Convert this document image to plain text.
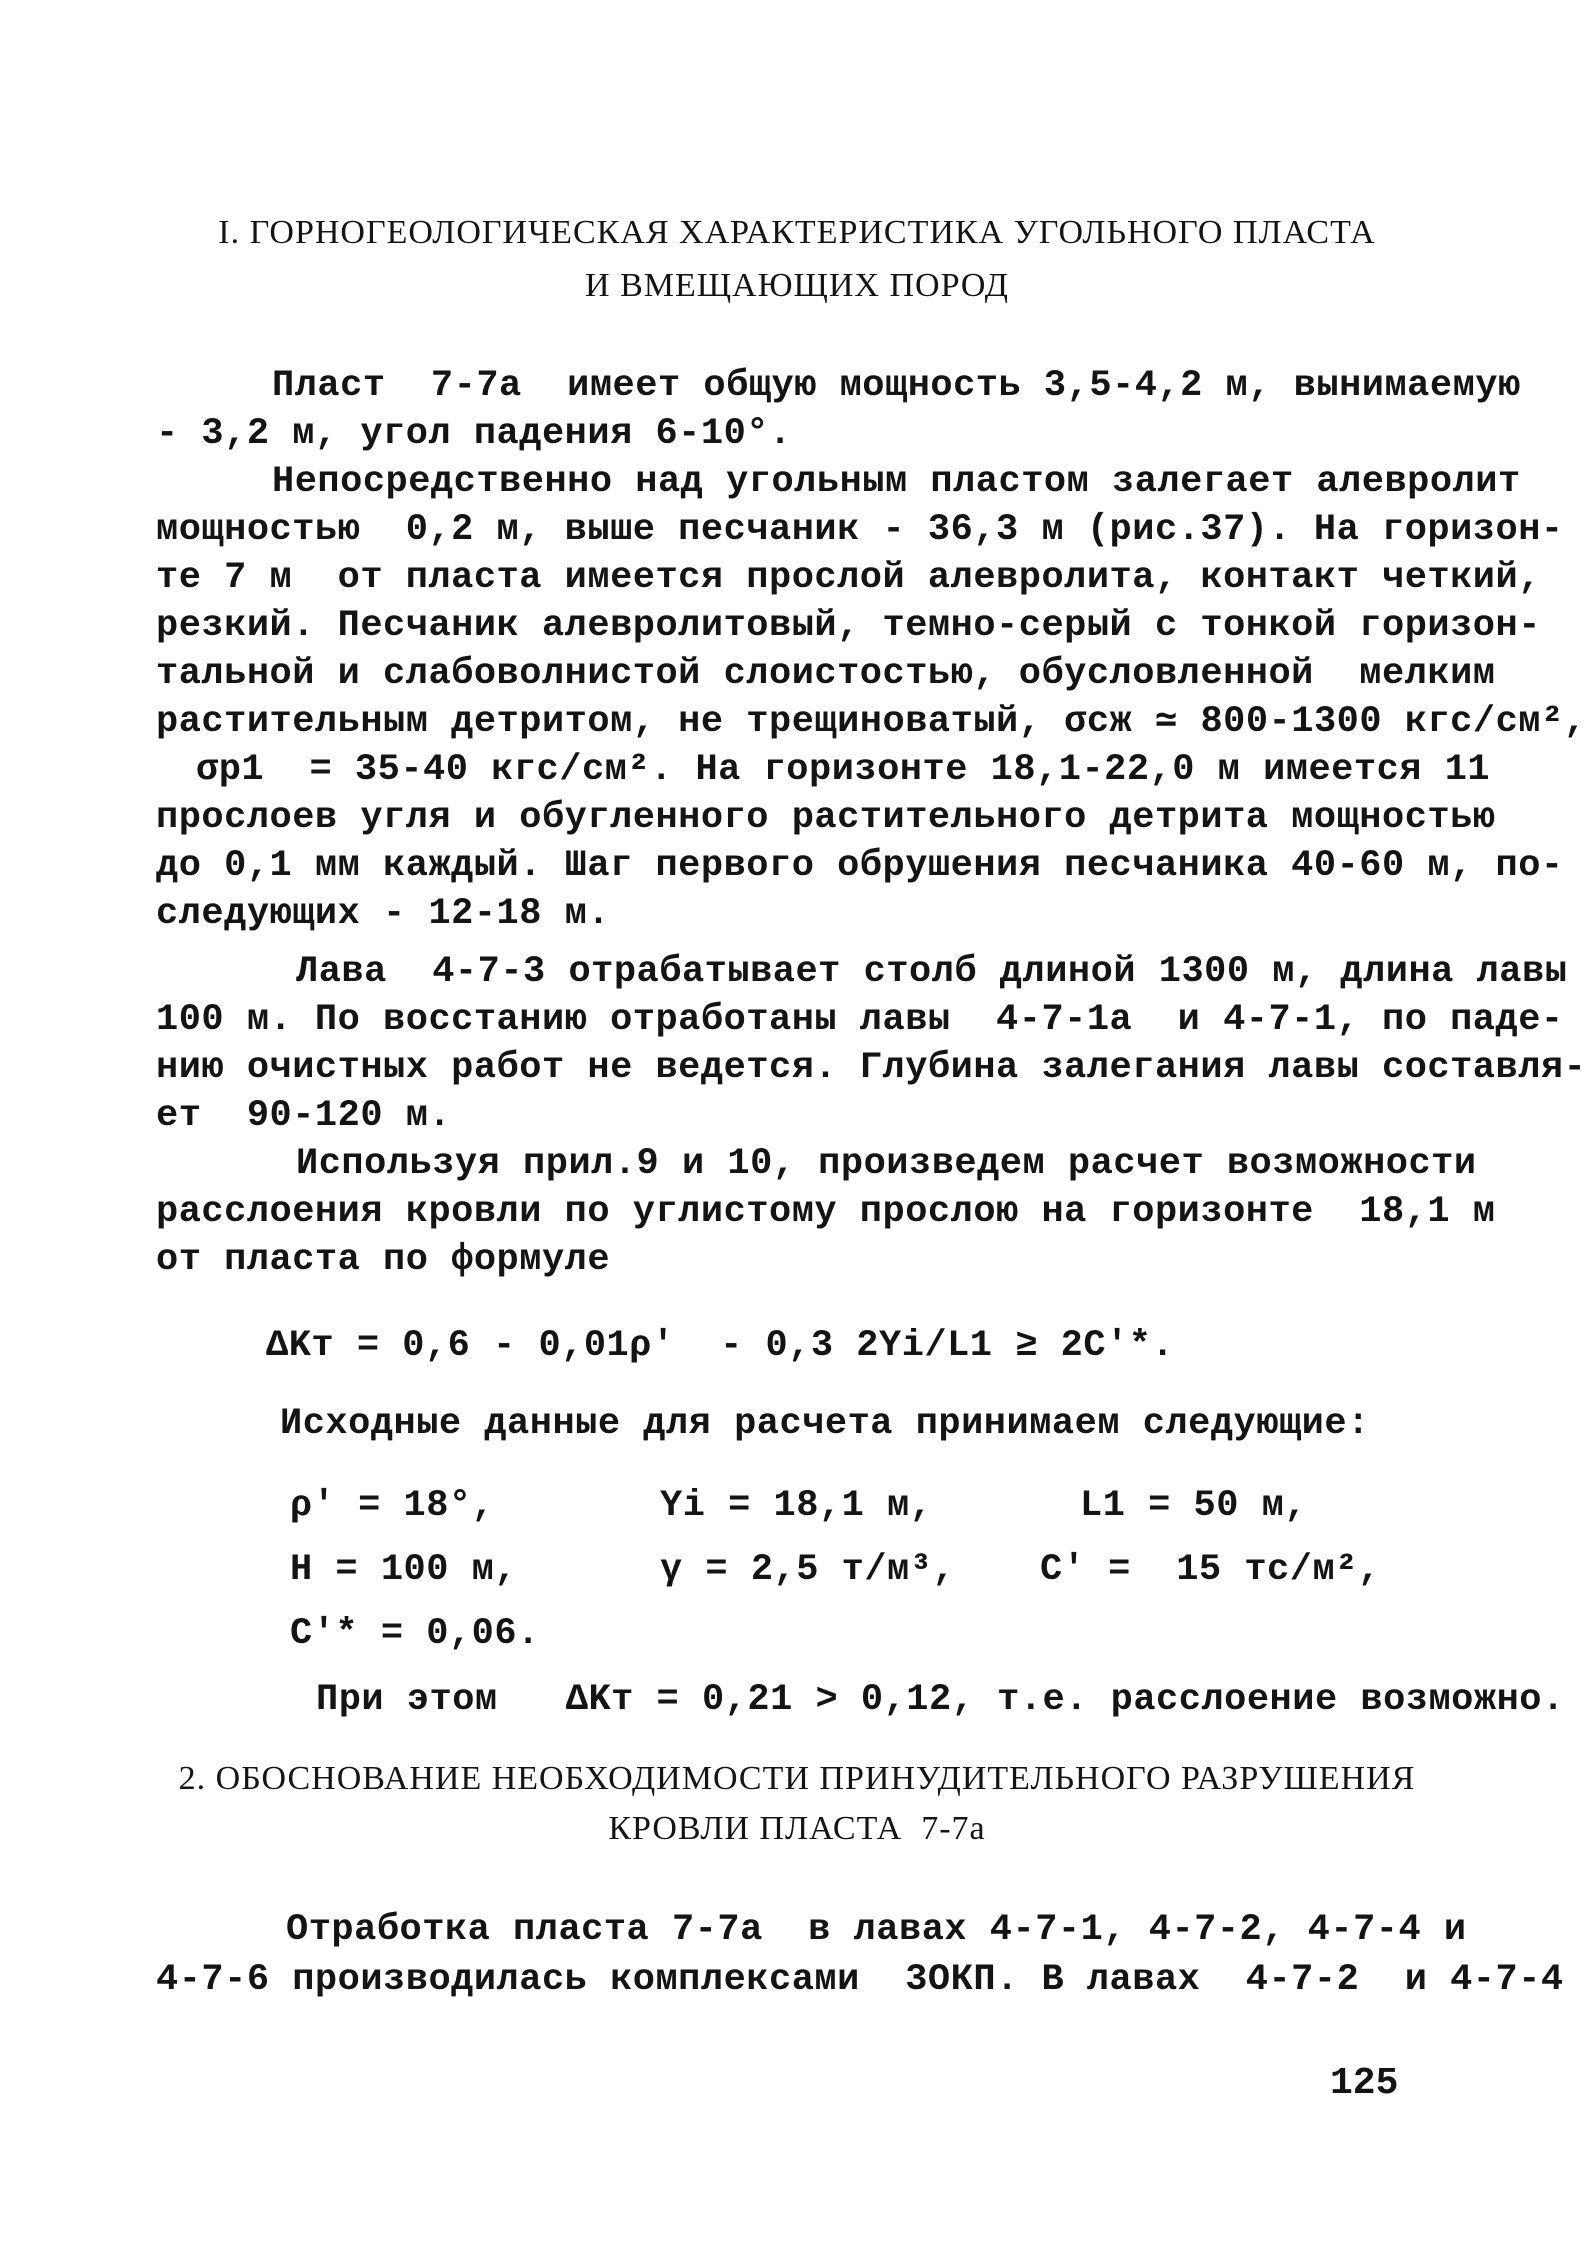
I. ГОРНОГЕОЛОГИЧЕСКАЯ ХАРАКТЕРИСТИКА УГОЛЬНОГО ПЛАСТА
И ВМЕЩАЮЩИХ ПОРОД
Пласт  7-7а  имеет общую мощность 3,5-4,2 м, вынимаемую
- 3,2 м, угол падения 6-10°.
Непосредственно над угольным пластом залегает алевролит
мощностью  0,2 м, выше песчаник - 36,3 м (рис.37). На горизон-
те 7 м  от пласта имеется прослой алевролита, контакт четкий,
резкий. Песчаник алевролитовый, темно-серый с тонкой горизон-
тальной и слабоволнистой слоистостью, обусловленной  мелким
растительным детритом, не трещиноватый, σсж ≃ 800-1300 кгс/см²,
σp1  = 35-40 кгс/см². На горизонте 18,1-22,0 м имеется 11
прослоев угля и обугленного растительного детрита мощностью
до 0,1 мм каждый. Шаг первого обрушения песчаника 40-60 м, по-
следующих - 12-18 м.
Лава  4-7-3 отрабатывает столб длиной 1300 м, длина лавы
100 м. По восстанию отработаны лавы  4-7-1а  и 4-7-1, по паде-
нию очистных работ не ведется. Глубина залегания лавы составля-
ет  90-120 м.
Используя прил.9 и 10, произведем расчет возможности
расслоения кровли по углистому прослою на горизонте  18,1 м
от пласта по формуле
ΔKт = 0,6 - 0,01ρ'  - 0,3 2Yi/L1 ≥ 2C'*.
Исходные данные для расчета принимаем следующие:
ρ' = 18°,	Yi = 18,1 м,	L1 = 50 м,
H = 100 м,	γ = 2,5 т/м³, C' =  15 тс/м²,
C'* = 0,06.
При этом   ΔKт = 0,21 > 0,12, т.е. расслоение возможно.
2. ОБОСНОВАНИЕ НЕОБХОДИМОСТИ ПРИНУДИТЕЛЬНОГО РАЗРУШЕНИЯ
КРОВЛИ ПЛАСТА  7-7а
Отработка пласта 7-7а  в лавах 4-7-1, 4-7-2, 4-7-4 и
4-7-6 производилась комплексами  3ОКП. В лавах  4-7-2  и 4-7-4
125
